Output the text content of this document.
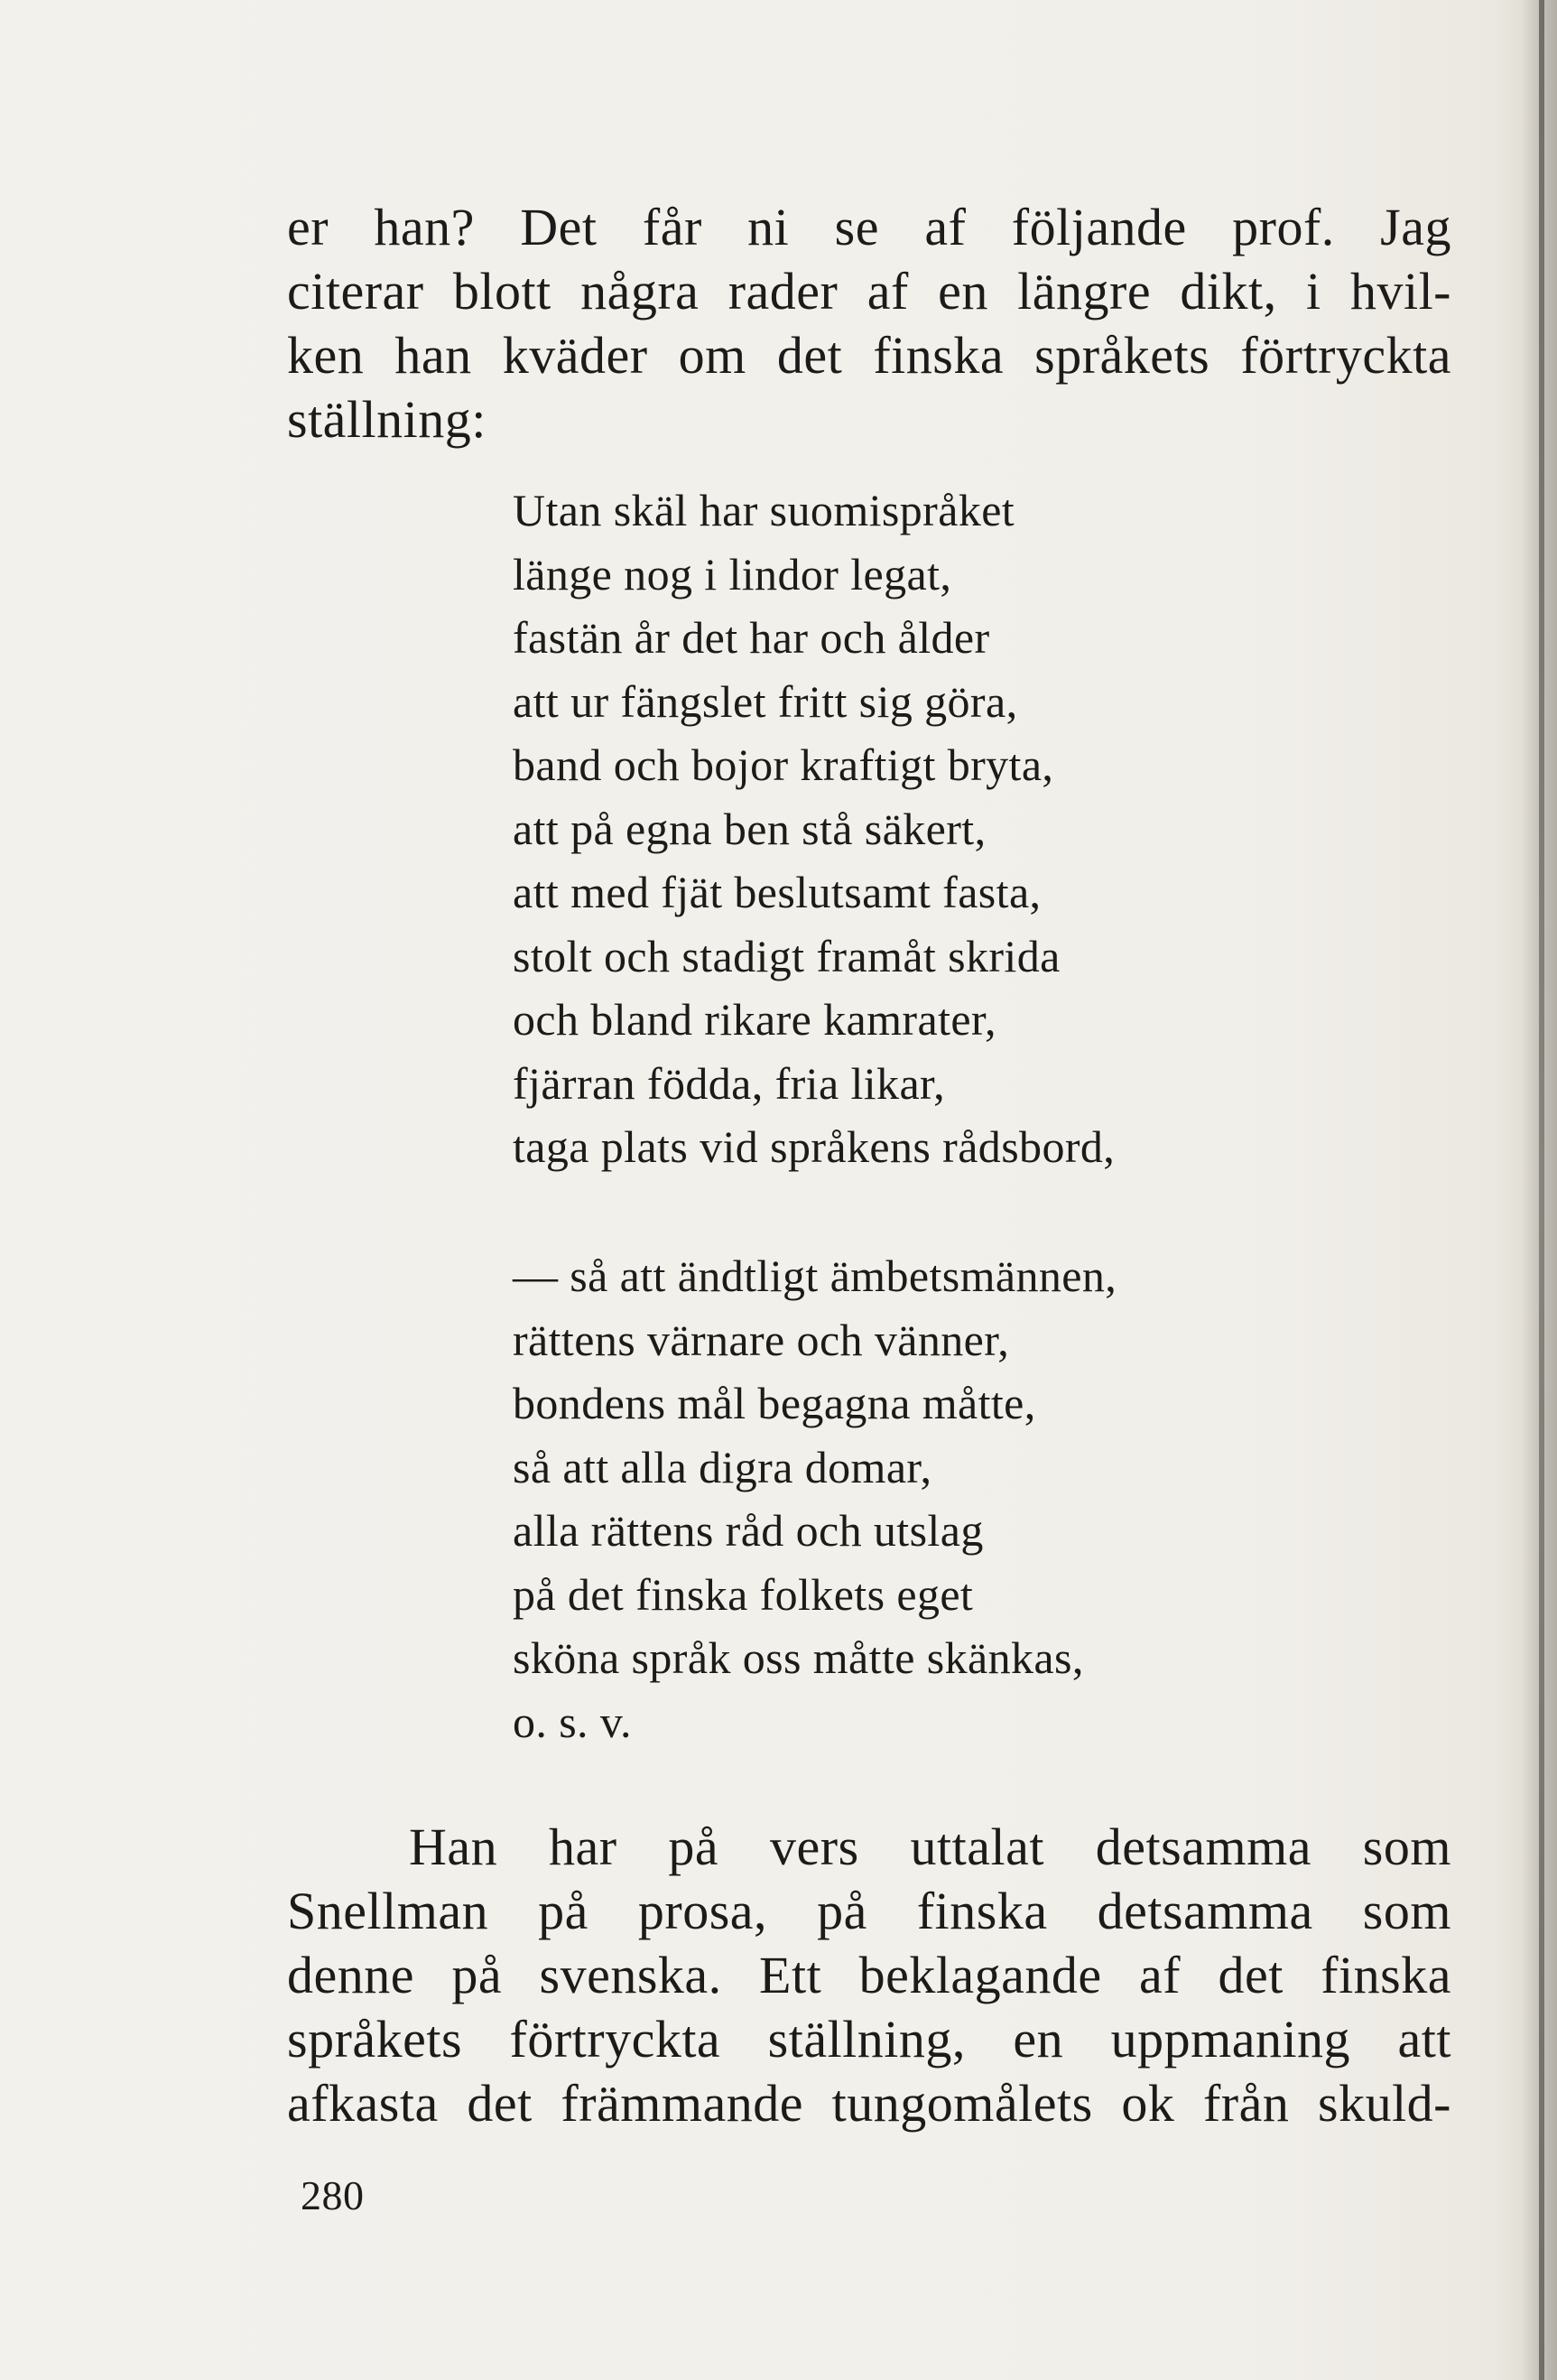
er han? Det får ni se af följande prof. Jag
citerar blott några rader af en längre dikt, i hvil-
ken han kväder om det finska språkets förtryckta
ställning:
Utan skäl har suomispråket
länge nog i lindor legat,
fastän år det har och ålder
att ur fängslet fritt sig göra,
band och bojor kraftigt bryta,
att på egna ben stå säkert,
att med fjät beslutsamt fasta,
stolt och stadigt framåt skrida
och bland rikare kamrater,
fjärran födda, fria likar,
taga plats vid språkens rådsbord,
— så att ändtligt ämbetsmännen,
rättens värnare och vänner,
bondens mål begagna måtte,
så att alla digra domar,
alla rättens råd och utslag
på det finska folkets eget
sköna språk oss måtte skänkas,
o. s. v.
Han har på vers uttalat detsamma som
Snellman på prosa, på finska detsamma som
denne på svenska. Ett beklagande af det finska
språkets förtryckta ställning, en uppmaning att
afkasta det främmande tungomålets ok från skuld-
280
